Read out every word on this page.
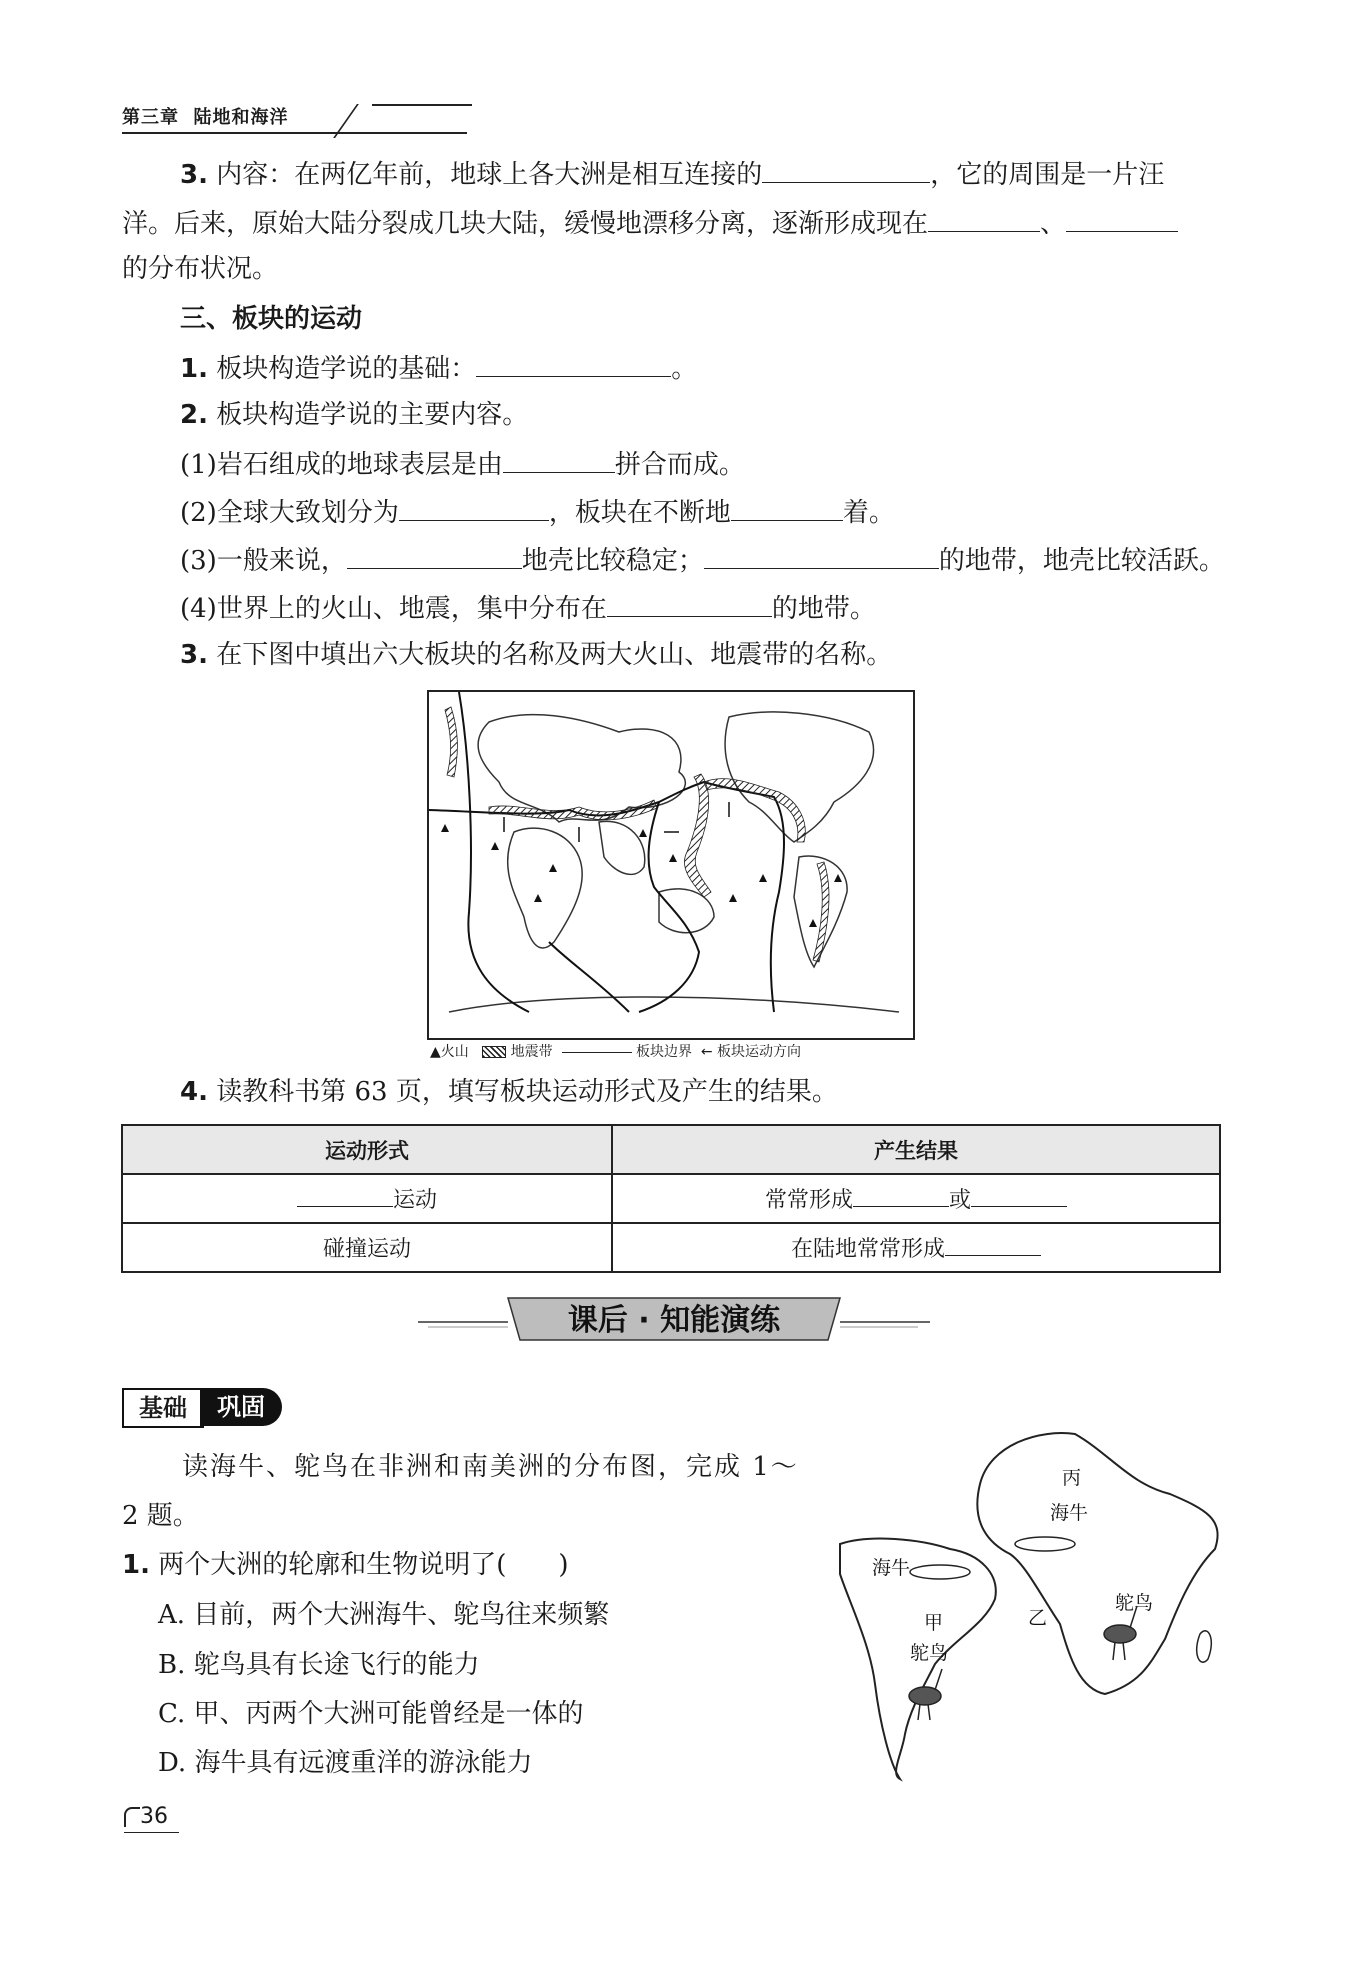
第三章 陆地和海洋
3. 内容：在两亿年前，地球上各大洲是相互连接的	，它的周围是一片汪
洋。后来，原始大陆分裂成几块大陆，缓慢地漂移分离，逐渐形成现在	、
的分布状况。
三、板块的运动
1. 板块构造学说的基础：	。
2. 板块构造学说的主要内容。
(1)岩石组成的地球表层是由	拼合而成。
(2)全球大致划分为	，板块在不断地	着。
(3)一般来说，	地壳比较稳定；	的地带，地壳比较活跃。
(4)世界上的火山、地震，集中分布在	的地带。
3. 在下图中填出六大板块的名称及两大火山、地震带的名称。
▲火山	地震带	板块边界 ← 板块运动方向
4. 读教科书第 63 页，填写板块运动形式及产生的结果。
运动形式	产生结果
运动	常常形成 或
碰撞运动	在陆地常常形成
课后 · 知能演练
基础	巩固
读海牛、鸵鸟在非洲和南美洲的分布图，完成 1～
2 题。
1. 两个大洲的轮廓和生物说明了(　　)
A. 目前，两个大洲海牛、鸵鸟往来频繁
B. 鸵鸟具有长途飞行的能力
C. 甲、丙两个大洲可能曾经是一体的
D. 海牛具有远渡重洋的游泳能力
丙
海牛
海牛
甲
鸵鸟
乙
鸵鸟
36
